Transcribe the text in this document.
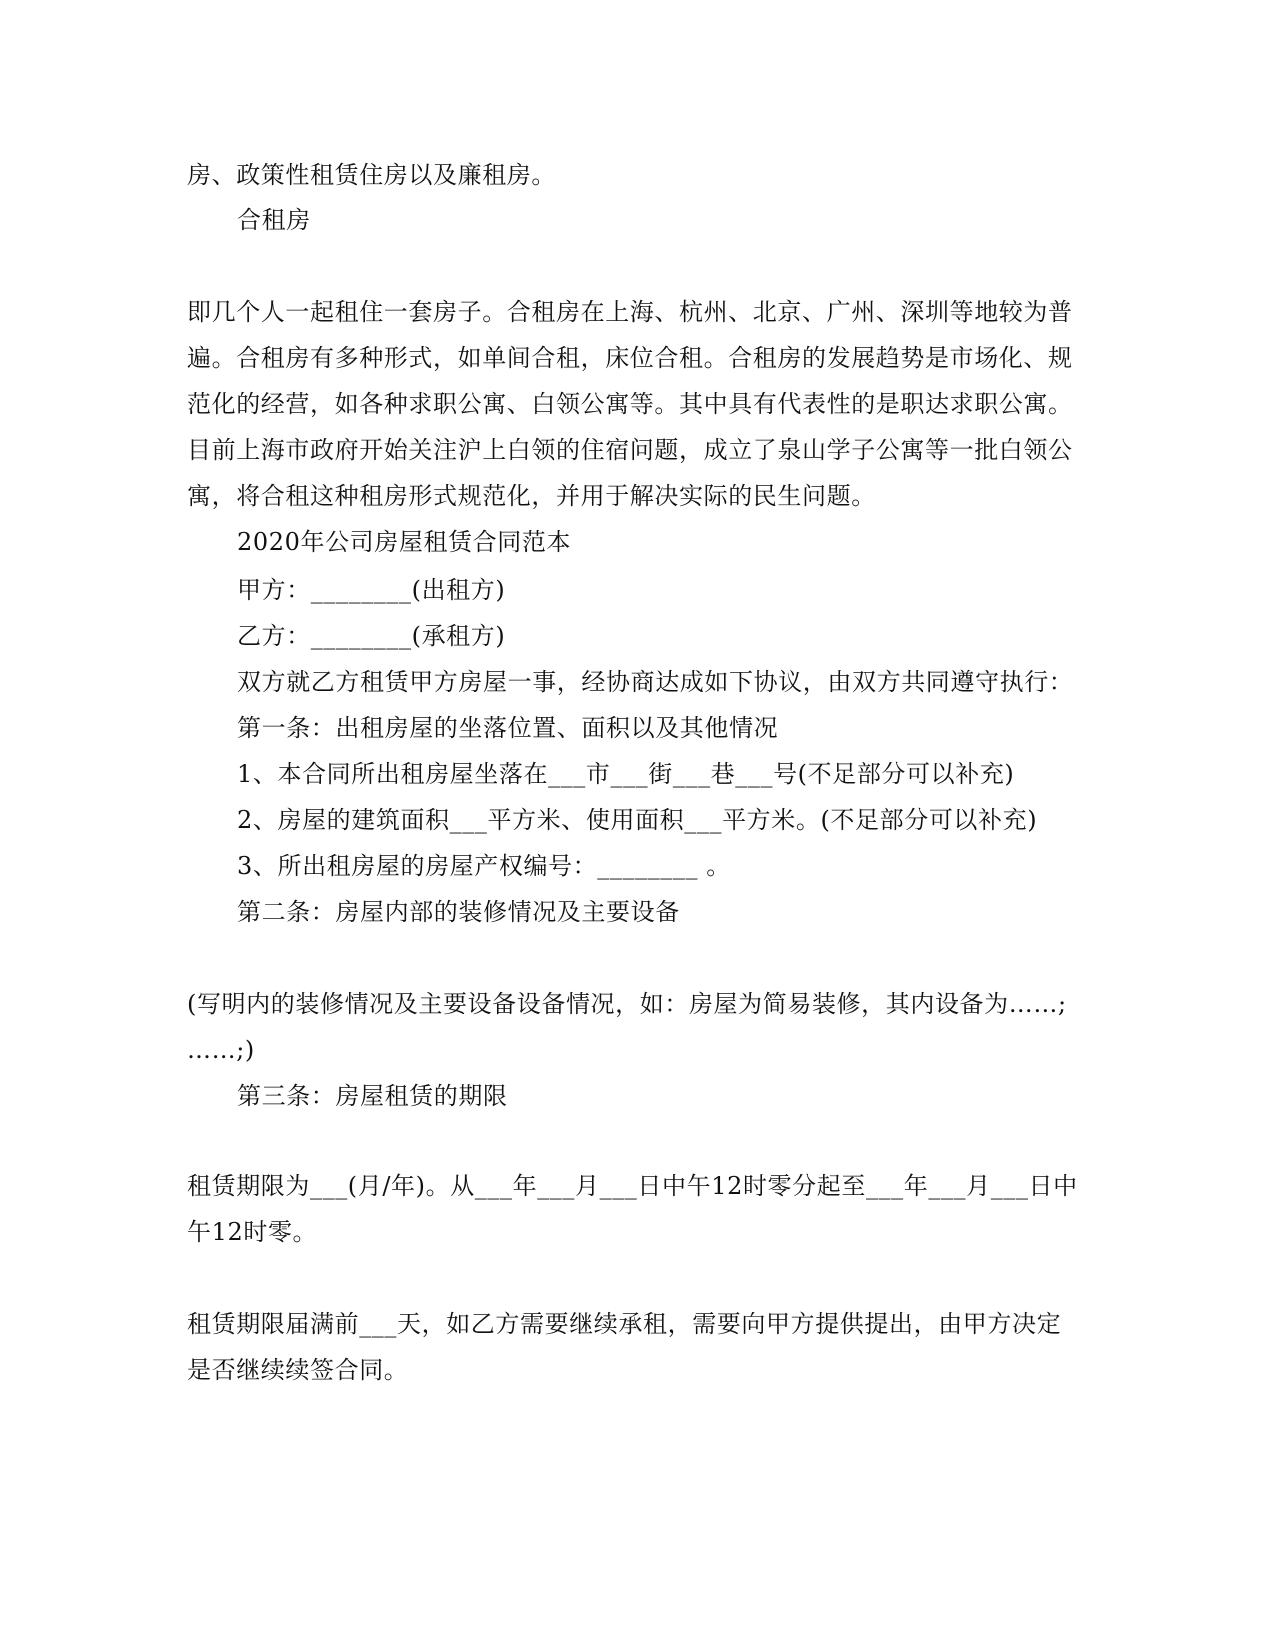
房、政策性租赁住房以及廉租房。
合租房
即几个人一起租住一套房子。合租房在上海、杭州、北京、广州、深圳等地较为普
遍。合租房有多种形式，如单间合租，床位合租。合租房的发展趋势是市场化、规
范化的经营，如各种求职公寓、白领公寓等。其中具有代表性的是职达求职公寓。
目前上海市政府开始关注沪上白领的住宿问题，成立了泉山学子公寓等一批白领公
寓，将合租这种租房形式规范化，并用于解决实际的民生问题。
2020年公司房屋租赁合同范本
甲方：________(出租方)
乙方：________(承租方)
双方就乙方租赁甲方房屋一事，经协商达成如下协议，由双方共同遵守执行：
第一条：出租房屋的坐落位置、面积以及其他情况
1、本合同所出租房屋坐落在___市___街___巷___号(不足部分可以补充)
2、房屋的建筑面积___平方米、使用面积___平方米。(不足部分可以补充)
3、所出租房屋的房屋产权编号：________ 。
第二条：房屋内部的装修情况及主要设备
(写明内的装修情况及主要设备设备情况，如：房屋为简易装修，其内设备为……;
……;)
第三条：房屋租赁的期限
租赁期限为___(月/年)。从___年___月___日中午12时零分起至___年___月___日中
午12时零。
租赁期限届满前___天，如乙方需要继续承租，需要向甲方提供提出，由甲方决定
是否继续续签合同。
